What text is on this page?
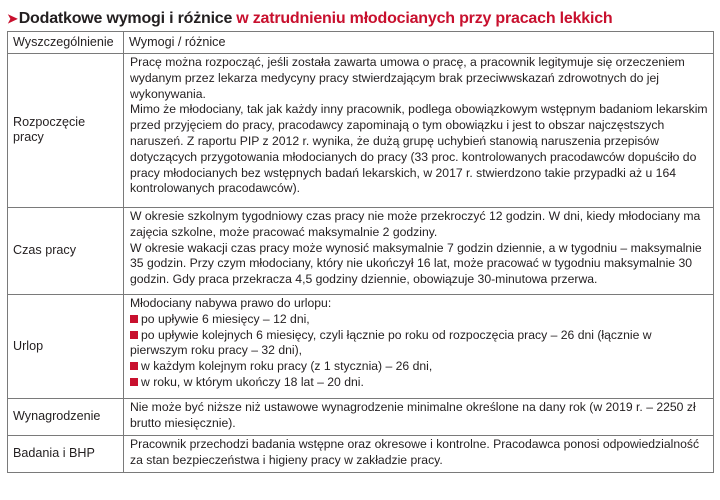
➤ Dodatkowe wymogi i różnice w zatrudnieniu młodocianych przy pracach lekkich
Wyszczególnienie	Wymogi / różnice
Rozpoczęcie pracy	Pracę można rozpocząć, jeśli została zawarta umowa o pracę, a pracownik legitymuje się orzeczeniem wydanym przez lekarza medycyny pracy stwierdzającym brak przeciwwskazań zdrowotnych do jej wykonywania.

Mimo że młodociany, tak jak każdy inny pracownik, podlega obowiązkowym wstępnym badaniom lekarskim przed przyjęciem do pracy, pracodawcy zapominają o tym obowiązku i jest to obszar najczęstszych naruszeń. Z raportu PIP z 2012 r. wynika, że dużą grupę uchybień stanowią naruszenia przepisów dotyczących przygotowania młodocianych do pracy (33 proc. kontrolowanych pracodawców dopuściło do pracy młodocianych bez wstępnych badań lekarskich, w 2017 r. stwierdzono takie przypadki aż u 164 kontrolowanych pracodawców).

Czas pracy	W okresie szkolnym tygodniowy czas pracy nie może przekroczyć 12 godzin. W dni, kiedy młodociany ma zajęcia szkolne, może pracować maksymalnie 2 godziny.

W okresie wakacji czas pracy może wynosić maksymalnie 7 godzin dziennie, a w tygodniu – maksymalnie 35 godzin. Przy czym młodociany, który nie ukończył 16 lat, może pracować w tygodniu maksymalnie 30 godzin. Gdy praca przekracza 4,5 godziny dziennie, obowiązuje 30-minutowa przerwa.

Urlop	Młodociany nabywa prawo do urlopu:

po upływie 6 miesięcy – 12 dni,

po upływie kolejnych 6 miesięcy, czyli łącznie po roku od rozpoczęcia pracy – 26 dni (łącznie w pierwszym roku pracy – 32 dni),

w każdym kolejnym roku pracy (z 1 stycznia) – 26 dni,

w roku, w którym ukończy 18 lat – 20 dni.

Wynagrodzenie	Nie może być niższe niż ustawowe wynagrodzenie minimalne określone na dany rok (w 2019 r. – 2250 zł brutto miesięcznie).

Badania i BHP	Pracownik przechodzi badania wstępne oraz okresowe i kontrolne. Pracodawca ponosi odpowiedzialność za stan bezpieczeństwa i higieny pracy w zakładzie pracy.
